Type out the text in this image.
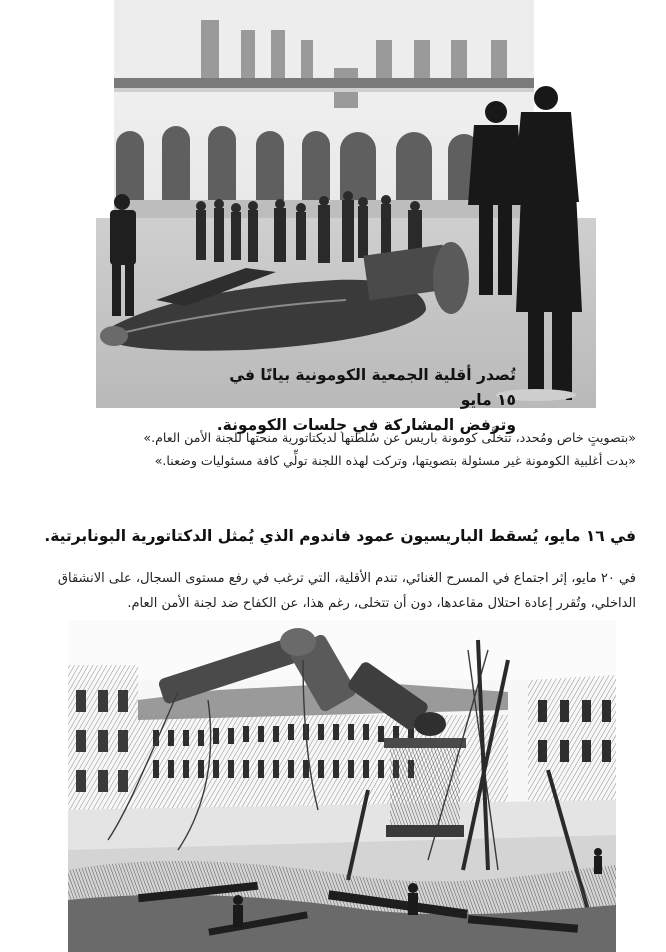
تُصدر أقلية الجمعية الكومونية بيانًا في ١٥ مايو
وترفض المشاركة في جلسات الكومونة.

«بتصويتٍ خاص ومُحدد، تتخلَّى كومونة باريس عن سُلطتها لديكتاتورية منحتها للجنة الأمن العام.»

«بدت أغلبية الكومونة غير مسئولة بتصويتها، وتركت لهذه اللجنة تولِّي كافة مسئوليات وضعنا.»

في ١٦ مايو، يُسقط الباريسيون عمود فاندوم الذي يُمثل الدكتاتورية البونابرتية.
في ٢٠ مايو، إثر اجتماع في المسرح الغنائي، تندم الأقلية، التي ترغب في رفع مستوى السجال، على الانشقاق الداخلي، وتُقرر إعادة احتلال مقاعدها، دون أن تتخلى، رغم هذا، عن الكفاح ضد لجنة الأمن العام.
